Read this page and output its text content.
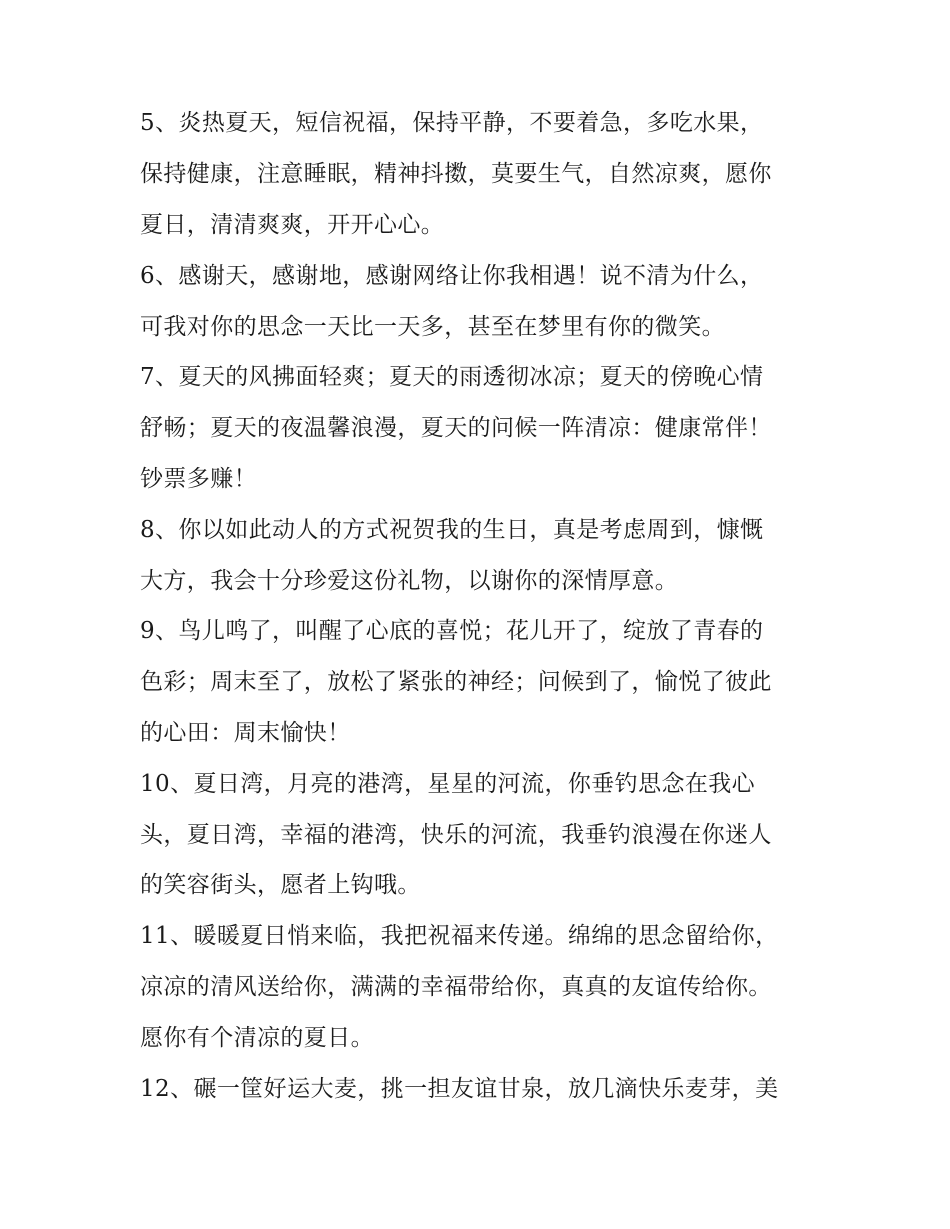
5、炎热夏天，短信祝福，保持平静，不要着急，多吃水果，
保持健康，注意睡眠，精神抖擞，莫要生气，自然凉爽，愿你
夏日，清清爽爽，开开心心。
6、感谢天，感谢地，感谢网络让你我相遇！说不清为什么，
可我对你的思念一天比一天多，甚至在梦里有你的微笑。
7、夏天的风拂面轻爽；夏天的雨透彻冰凉；夏天的傍晚心情
舒畅；夏天的夜温馨浪漫，夏天的问候一阵清凉：健康常伴！
钞票多赚！
8、你以如此动人的方式祝贺我的生日，真是考虑周到，慷慨
大方，我会十分珍爱这份礼物，以谢你的深情厚意。
9、鸟儿鸣了，叫醒了心底的喜悦；花儿开了，绽放了青春的
色彩；周末至了，放松了紧张的神经；问候到了，愉悦了彼此
的心田：周末愉快！
10、夏日湾，月亮的港湾，星星的河流，你垂钓思念在我心
头，夏日湾，幸福的港湾，快乐的河流，我垂钓浪漫在你迷人
的笑容街头，愿者上钩哦。
11、暖暖夏日悄来临，我把祝福来传递。绵绵的思念留给你，
凉凉的清风送给你，满满的幸福带给你，真真的友谊传给你。
愿你有个清凉的夏日。
12、碾一筐好运大麦，挑一担友谊甘泉，放几滴快乐麦芽，美
